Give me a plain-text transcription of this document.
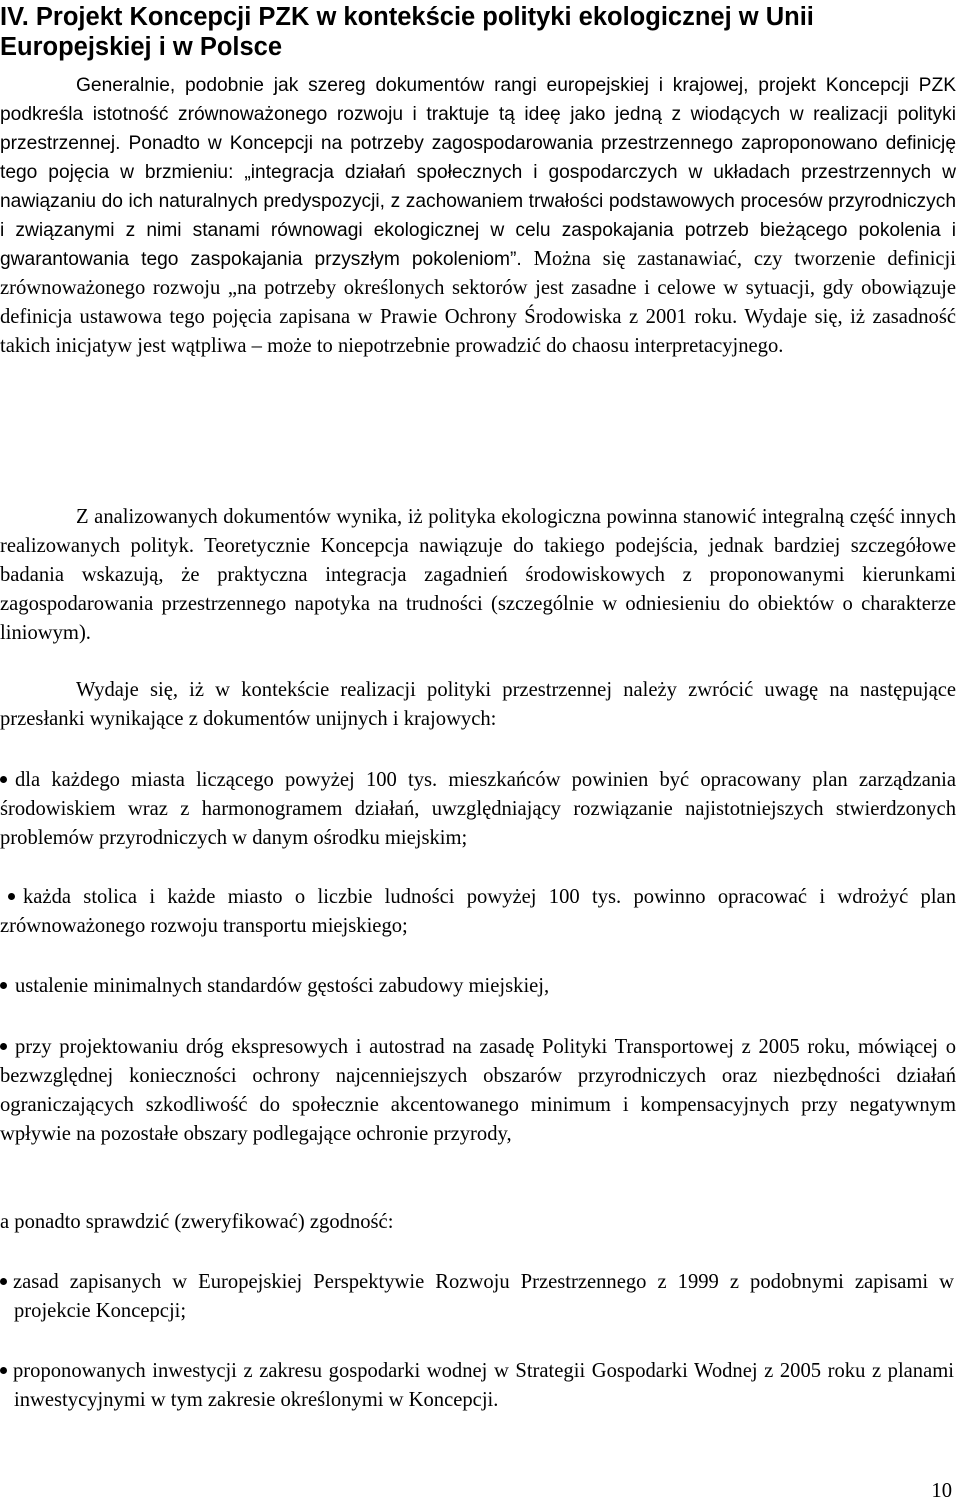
IV. Projekt Koncepcji PZK w kontekście polityki ekologicznej w Unii
Europejskiej i w Polsce

Generalnie, podobnie jak szereg dokumentów rangi europejskiej i krajowej, projekt Koncepcji PZK podkreśla istotność zrównoważonego rozwoju i traktuje tą ideę jako jedną z wiodących w realizacji polityki przestrzennej. Ponadto w Koncepcji na potrzeby zagospodarowania przestrzennego zaproponowano definicję tego pojęcia w brzmieniu: „integracja działań społecznych i gospodarczych w układach przestrzennych w nawiązaniu do ich naturalnych predyspozycji, z zachowaniem trwałości podstawowych procesów przyrodniczych i związanymi z nimi stanami równowagi ekologicznej w celu zaspokajania potrzeb bieżącego pokolenia i gwarantowania tego zaspokajania przyszłym pokoleniom”. Można się zastanawiać, czy tworzenie definicji zrównoważonego rozwoju „na potrzeby określonych sektorów jest zasadne i celowe w sytuacji, gdy obowiązuje definicja ustawowa tego pojęcia zapisana w Prawie Ochrony Środowiska z 2001 roku. Wydaje się, iż zasadność takich inicjatyw jest wątpliwa – może to niepotrzebnie prowadzić do chaosu interpretacyjnego.

Z analizowanych dokumentów wynika, iż polityka ekologiczna powinna stanowić integralną część innych realizowanych polityk. Teoretycznie Koncepcja nawiązuje do takiego podejścia, jednak bardziej szczegółowe badania wskazują, że praktyczna integracja zagadnień środowiskowych z proponowanymi kierunkami zagospodarowania przestrzennego napotyka na trudności (szczególnie w odniesieniu do obiektów o charakterze liniowym).

Wydaje się, iż w kontekście realizacji polityki przestrzennej należy zwrócić uwagę na następujące przesłanki wynikające z dokumentów unijnych i krajowych:

dla każdego miasta liczącego powyżej 100 tys. mieszkańców powinien być opracowany plan zarządzania środowiskiem wraz z harmonogramem działań, uwzględniający rozwiązanie najistotniejszych stwierdzonych problemów przyrodniczych w danym ośrodku miejskim;

każda stolica i każde miasto o liczbie ludności powyżej 100 tys. powinno opracować i wdrożyć plan zrównoważonego rozwoju transportu miejskiego;

ustalenie minimalnych standardów gęstości zabudowy miejskiej,

przy projektowaniu dróg ekspresowych i autostrad na zasadę Polityki Transportowej z 2005 roku, mówiącej o bezwzględnej konieczności ochrony najcenniejszych obszarów przyrodniczych oraz niezbędności działań ograniczających szkodliwość do społecznie akcentowanego minimum i kompensacyjnych przy negatywnym wpływie na pozostałe obszary podlegające ochronie przyrody,

a ponadto sprawdzić (zweryfikować) zgodność:

zasad zapisanych w Europejskiej Perspektywie Rozwoju Przestrzennego z 1999 z podobnymi zapisami w projekcie Koncepcji;

proponowanych inwestycji z zakresu gospodarki wodnej w Strategii Gospodarki Wodnej z 2005 roku z planami inwestycyjnymi w tym zakresie określonymi w Koncepcji.

10
